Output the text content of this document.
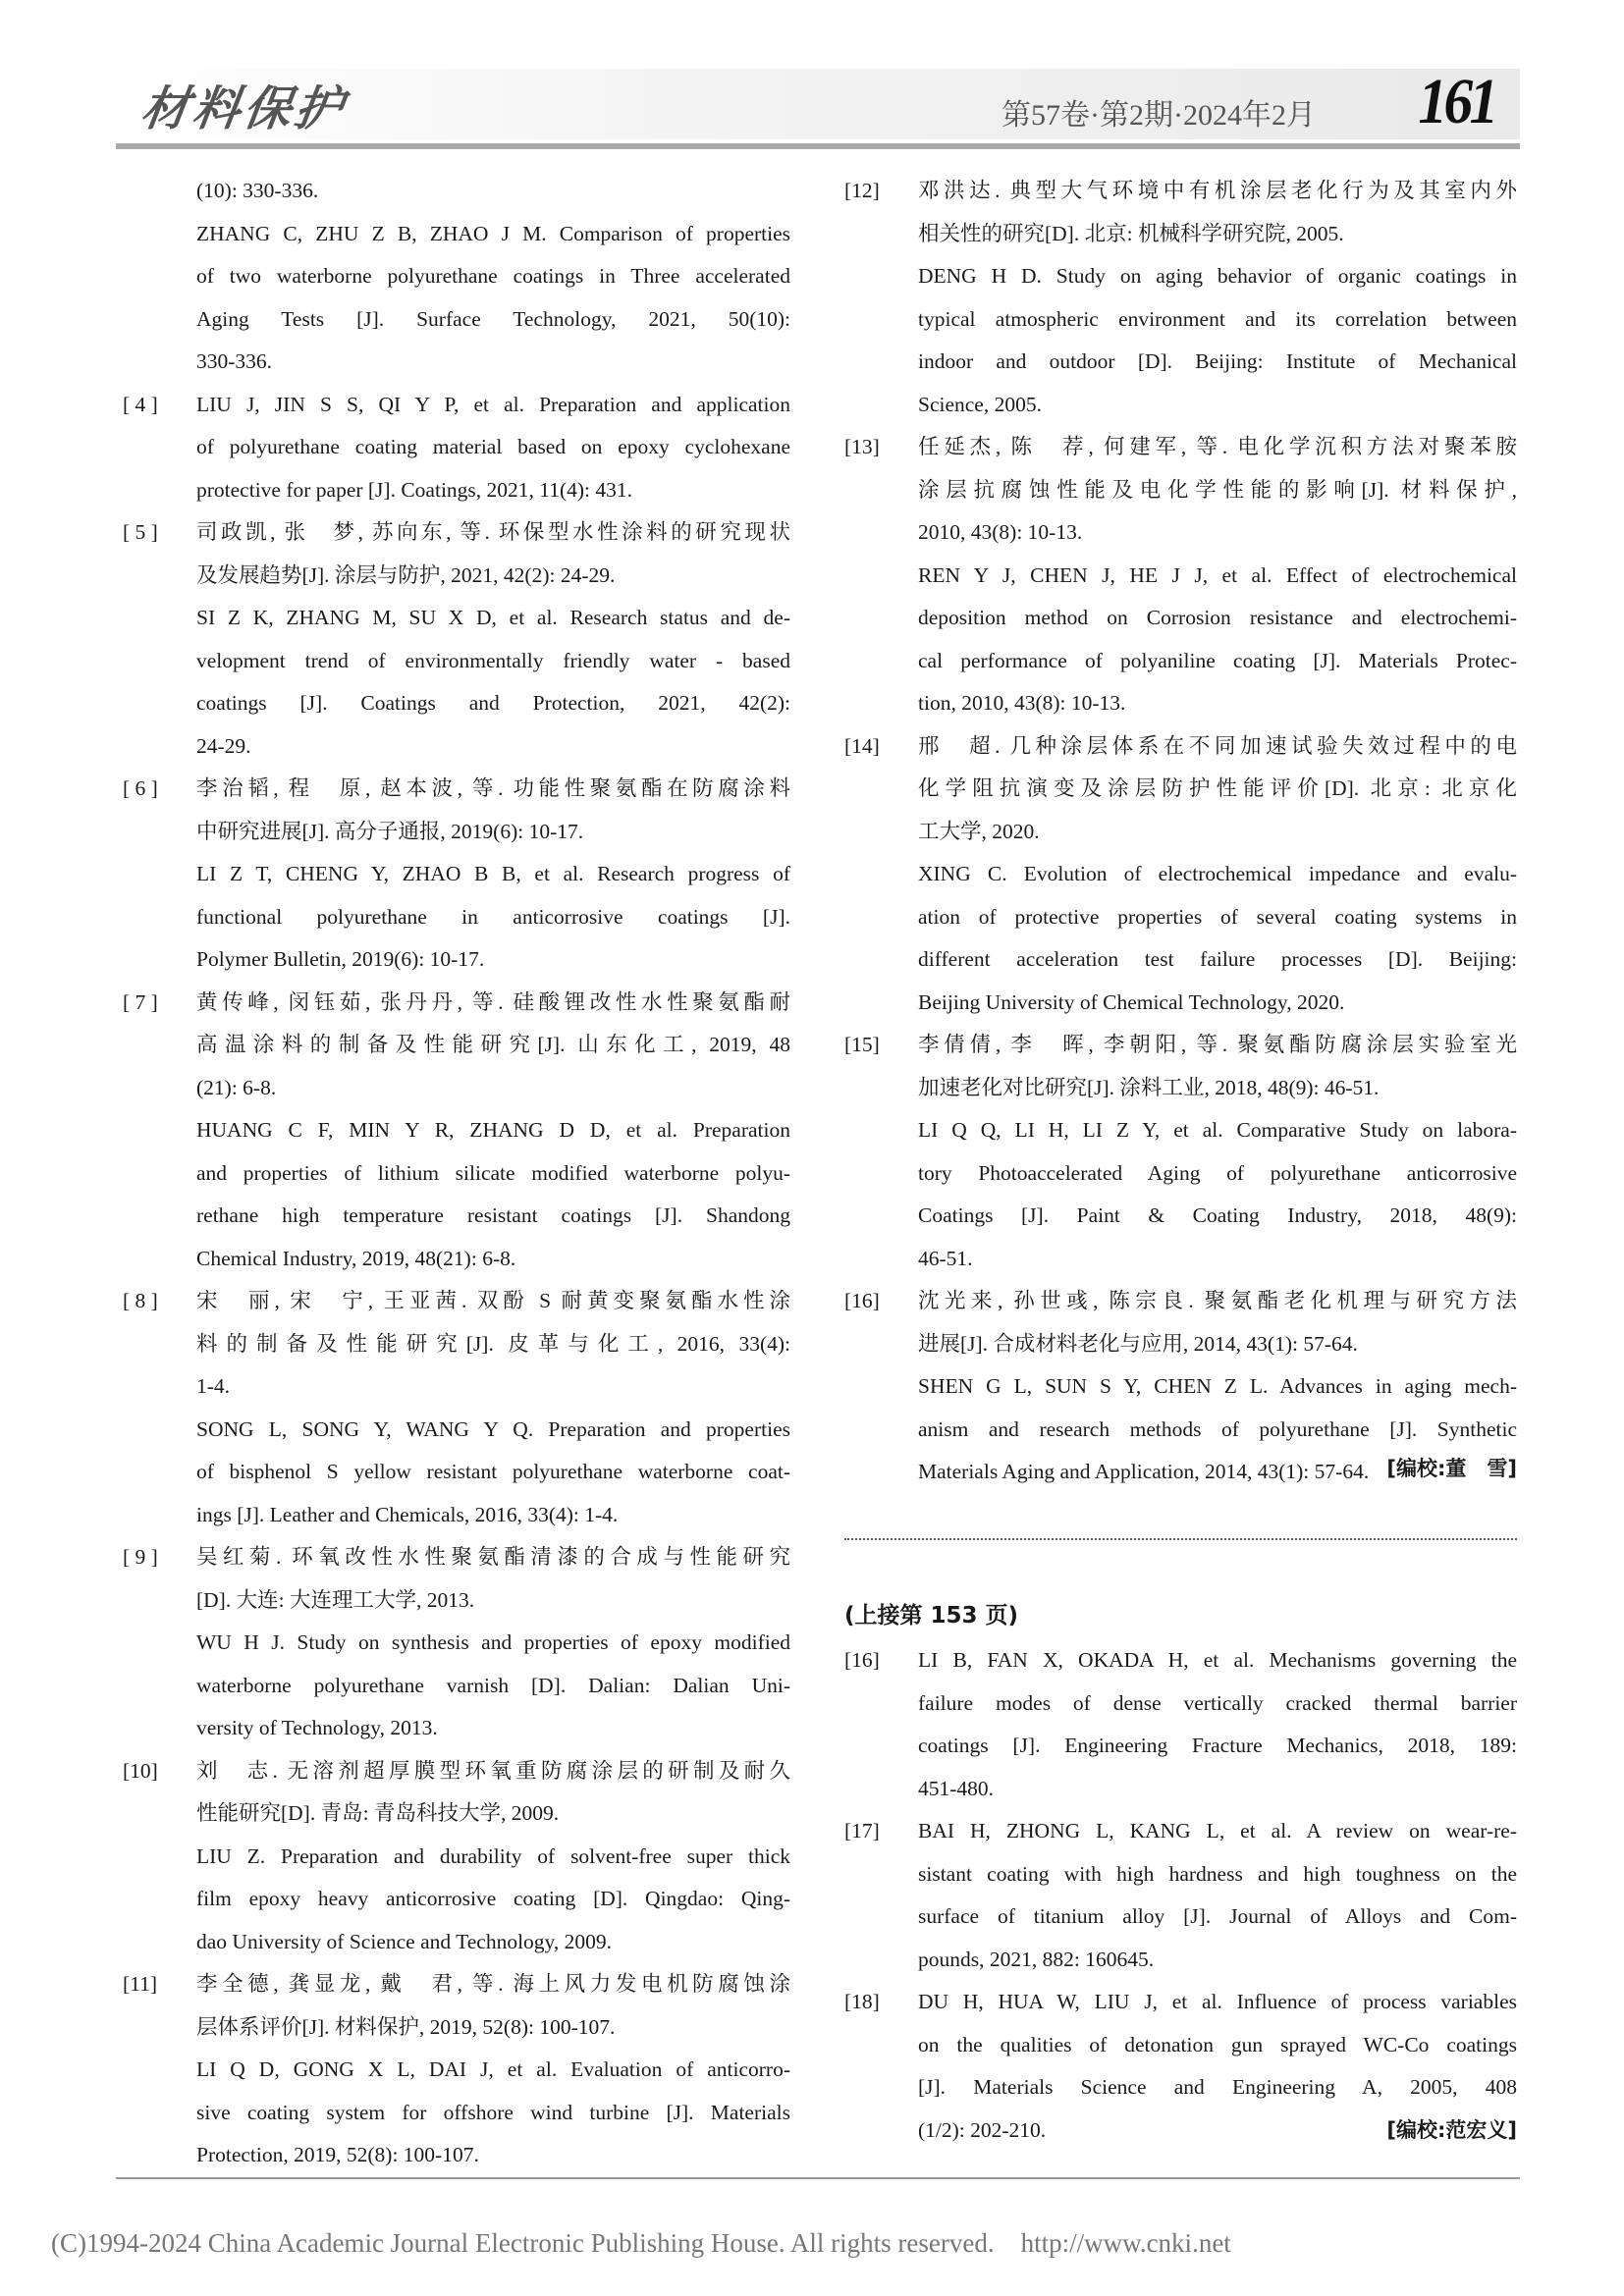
材料保护	第57卷·第2期·2024年2月 161
(10): 330-336.
ZHANG C, ZHU Z B, ZHAO J M. Comparison of properties
of two waterborne polyurethane coatings in Three accelerated
Aging Tests [J]. Surface Technology, 2021, 50(10):
330-336.
[ 4 ]	LIU J, JIN S S, QI Y P, et al. Preparation and application
of polyurethane coating material based on epoxy cyclohexane
protective for paper [J]. Coatings, 2021, 11(4): 431.
[ 5 ]	司政凯, 张　梦, 苏向东, 等. 环保型水性涂料的研究现状
及发展趋势[J]. 涂层与防护, 2021, 42(2): 24-29.
SI Z K, ZHANG M, SU X D, et al. Research status and de-
velopment trend of environmentally friendly water - based
coatings [J]. Coatings and Protection, 2021, 42(2):
24-29.
[ 6 ]	李治韬, 程　原, 赵本波, 等. 功能性聚氨酯在防腐涂料
中研究进展[J]. 高分子通报, 2019(6): 10-17.
LI Z T, CHENG Y, ZHAO B B, et al. Research progress of
functional polyurethane in anticorrosive coatings [J].
Polymer Bulletin, 2019(6): 10-17.
[ 7 ]	黄传峰, 闵钰茹, 张丹丹, 等. 硅酸锂改性水性聚氨酯耐
高温涂料的制备及性能研究[J]. 山东化工, 2019, 48
(21): 6-8.
HUANG C F, MIN Y R, ZHANG D D, et al. Preparation
and properties of lithium silicate modified waterborne polyu-
rethane high temperature resistant coatings [J]. Shandong
Chemical Industry, 2019, 48(21): 6-8.
[ 8 ]	宋　丽, 宋　宁, 王亚茜. 双酚 S 耐黄变聚氨酯水性涂
料的制备及性能研究[J]. 皮革与化工, 2016, 33(4):
1-4.
SONG L, SONG Y, WANG Y Q. Preparation and properties
of bisphenol S yellow resistant polyurethane waterborne coat-
ings [J]. Leather and Chemicals, 2016, 33(4): 1-4.
[ 9 ]	吴红菊. 环氧改性水性聚氨酯清漆的合成与性能研究
[D]. 大连: 大连理工大学, 2013.
WU H J. Study on synthesis and properties of epoxy modified
waterborne polyurethane varnish [D]. Dalian: Dalian Uni-
versity of Technology, 2013.
[10]	刘　志. 无溶剂超厚膜型环氧重防腐涂层的研制及耐久
性能研究[D]. 青岛: 青岛科技大学, 2009.
LIU Z. Preparation and durability of solvent-free super thick
film epoxy heavy anticorrosive coating [D]. Qingdao: Qing-
dao University of Science and Technology, 2009.
[11]	李全德, 龚显龙, 戴　君, 等. 海上风力发电机防腐蚀涂
层体系评价[J]. 材料保护, 2019, 52(8): 100-107.
LI Q D, GONG X L, DAI J, et al. Evaluation of anticorro-
sive coating system for offshore wind turbine [J]. Materials
Protection, 2019, 52(8): 100-107.
[12]	邓洪达. 典型大气环境中有机涂层老化行为及其室内外
相关性的研究[D]. 北京: 机械科学研究院, 2005.
DENG H D. Study on aging behavior of organic coatings in
typical atmospheric environment and its correlation between
indoor and outdoor [D]. Beijing: Institute of Mechanical
Science, 2005.
[13]	任延杰, 陈　荐, 何建军, 等. 电化学沉积方法对聚苯胺
涂层抗腐蚀性能及电化学性能的影响[J]. 材料保护,
2010, 43(8): 10-13.
REN Y J, CHEN J, HE J J, et al. Effect of electrochemical
deposition method on Corrosion resistance and electrochemi-
cal performance of polyaniline coating [J]. Materials Protec-
tion, 2010, 43(8): 10-13.
[14]	邢　超. 几种涂层体系在不同加速试验失效过程中的电
化学阻抗演变及涂层防护性能评价[D]. 北京: 北京化
工大学, 2020.
XING C. Evolution of electrochemical impedance and evalu-
ation of protective properties of several coating systems in
different acceleration test failure processes [D]. Beijing:
Beijing University of Chemical Technology, 2020.
[15]	李倩倩, 李　晖, 李朝阳, 等. 聚氨酯防腐涂层实验室光
加速老化对比研究[J]. 涂料工业, 2018, 48(9): 46-51.
LI Q Q, LI H, LI Z Y, et al. Comparative Study on labora-
tory Photoaccelerated Aging of polyurethane anticorrosive
Coatings [J]. Paint & Coating Industry, 2018, 48(9):
46-51.
[16]	沈光来, 孙世彧, 陈宗良. 聚氨酯老化机理与研究方法
进展[J]. 合成材料老化与应用, 2014, 43(1): 57-64.
SHEN G L, SUN S Y, CHEN Z L. Advances in aging mech-
anism and research methods of polyurethane [J]. Synthetic
Materials Aging and Application, 2014, 43(1): 57-64. [编校:董　雪]
(上接第 153 页)
[16]	LI B, FAN X, OKADA H, et al. Mechanisms governing the
failure modes of dense vertically cracked thermal barrier
coatings [J]. Engineering Fracture Mechanics, 2018, 189:
451-480.
[17]	BAI H, ZHONG L, KANG L, et al. A review on wear-re-
sistant coating with high hardness and high toughness on the
surface of titanium alloy [J]. Journal of Alloys and Com-
pounds, 2021, 882: 160645.
[18]	DU H, HUA W, LIU J, et al. Influence of process variables
on the qualities of detonation gun sprayed WC-Co coatings
[J]. Materials Science and Engineering A, 2005, 408
(1/2): 202-210.	[编校:范宏义]
(C)1994-2024 China Academic Journal Electronic Publishing House. All rights reserved. http://www.cnki.net
